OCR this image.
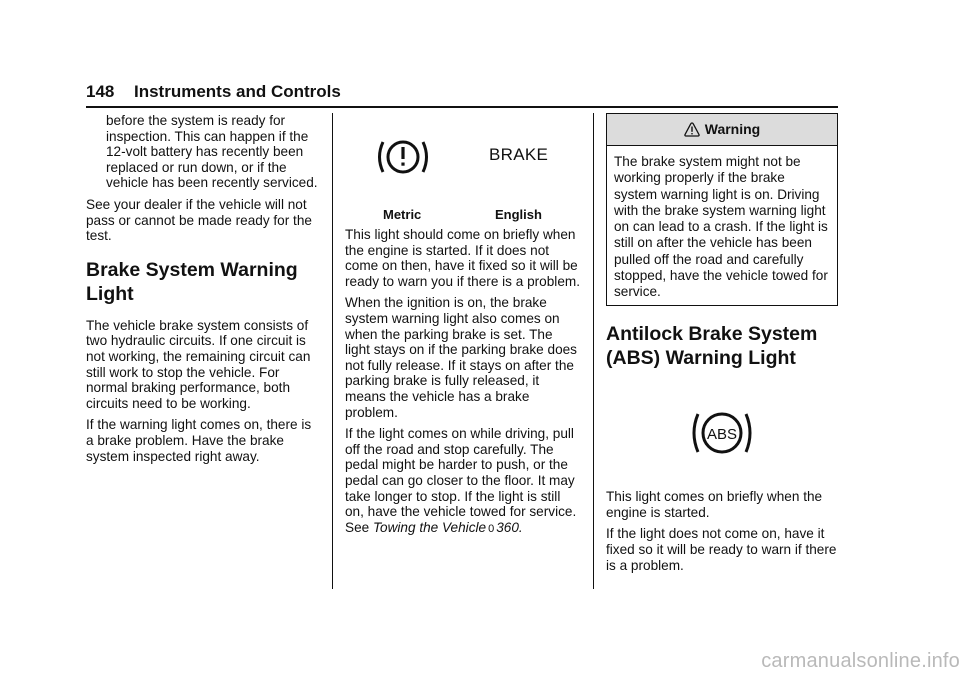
148 Instruments and Controls

before the system is ready for inspection. This can happen if the 12-volt battery has recently been replaced or run down, or if the vehicle has been recently serviced.

See your dealer if the vehicle will not pass or cannot be made ready for the test.

Brake System Warning Light

The vehicle brake system consists of two hydraulic circuits. If one circuit is not working, the remaining circuit can still work to stop the vehicle. For normal braking performance, both circuits need to be working.

If the warning light comes on, there is a brake problem. Have the brake system inspected right away.

BRAKE
Metric	English

This light should come on briefly when the engine is started. If it does not come on then, have it fixed so it will be ready to warn you if there is a problem.

When the ignition is on, the brake system warning light also comes on when the parking brake is set. The light stays on if the parking brake does not fully release. If it stays on after the parking brake is fully released, it means the vehicle has a brake problem.

If the light comes on while driving, pull off the road and stop carefully. The pedal might be harder to push, or the pedal can go closer to the floor. It may take longer to stop. If the light is still on, have the vehicle towed for service. See Towing the Vehicle 0 360.

Warning
The brake system might not be working properly if the brake system warning light is on. Driving with the brake system warning light on can lead to a crash. If the light is still on after the vehicle has been pulled off the road and carefully stopped, have the vehicle towed for service.
Antilock Brake System (ABS) Warning Light
ABS

This light comes on briefly when the engine is started.

If the light does not come on, have it fixed so it will be ready to warn if there is a problem.

carmanualsonline.info
